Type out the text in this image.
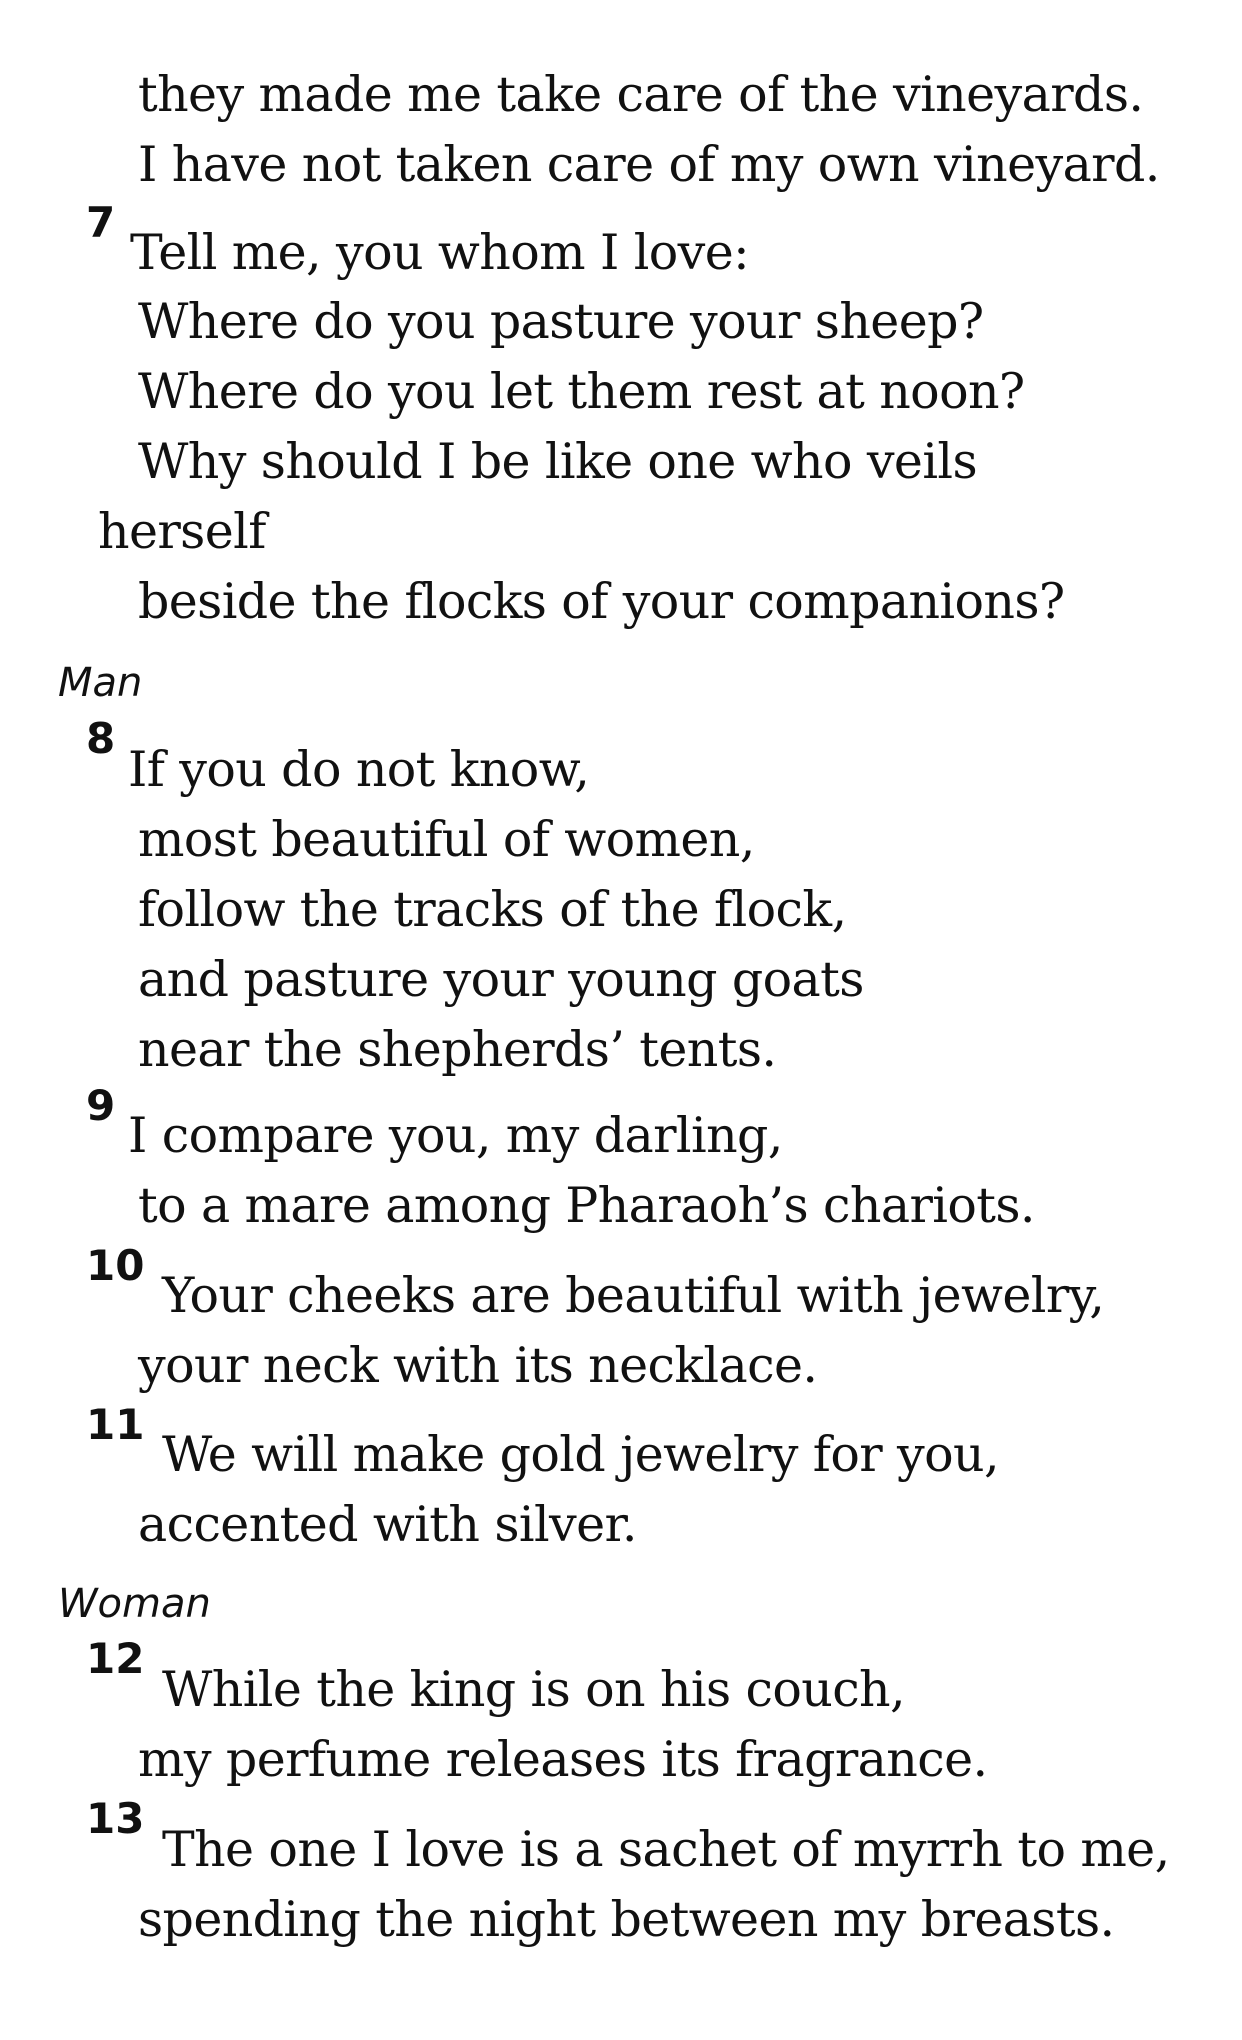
they made me take care of the vineyards.
I have not taken care of my own vineyard.
7
Tell me, you whom I love:
Where do you pasture your sheep?
Where do you let them rest at noon?
Why should I be like one who veils
herself
beside the flocks of your companions?
Man
8
If you do not know,
most beautiful of women,
follow the tracks of the flock,
and pasture your young goats
near the shepherds’ tents.
9
I compare you, my darling,
to a mare among Pharaoh’s chariots.
10
Your cheeks are beautiful with jewelry,
your neck with its necklace.
11
We will make gold jewelry for you,
accented with silver.
Woman
12
While the king is on his couch,
my perfume releases its fragrance.
13
The one I love is a sachet of myrrh to me,
spending the night between my breasts.
